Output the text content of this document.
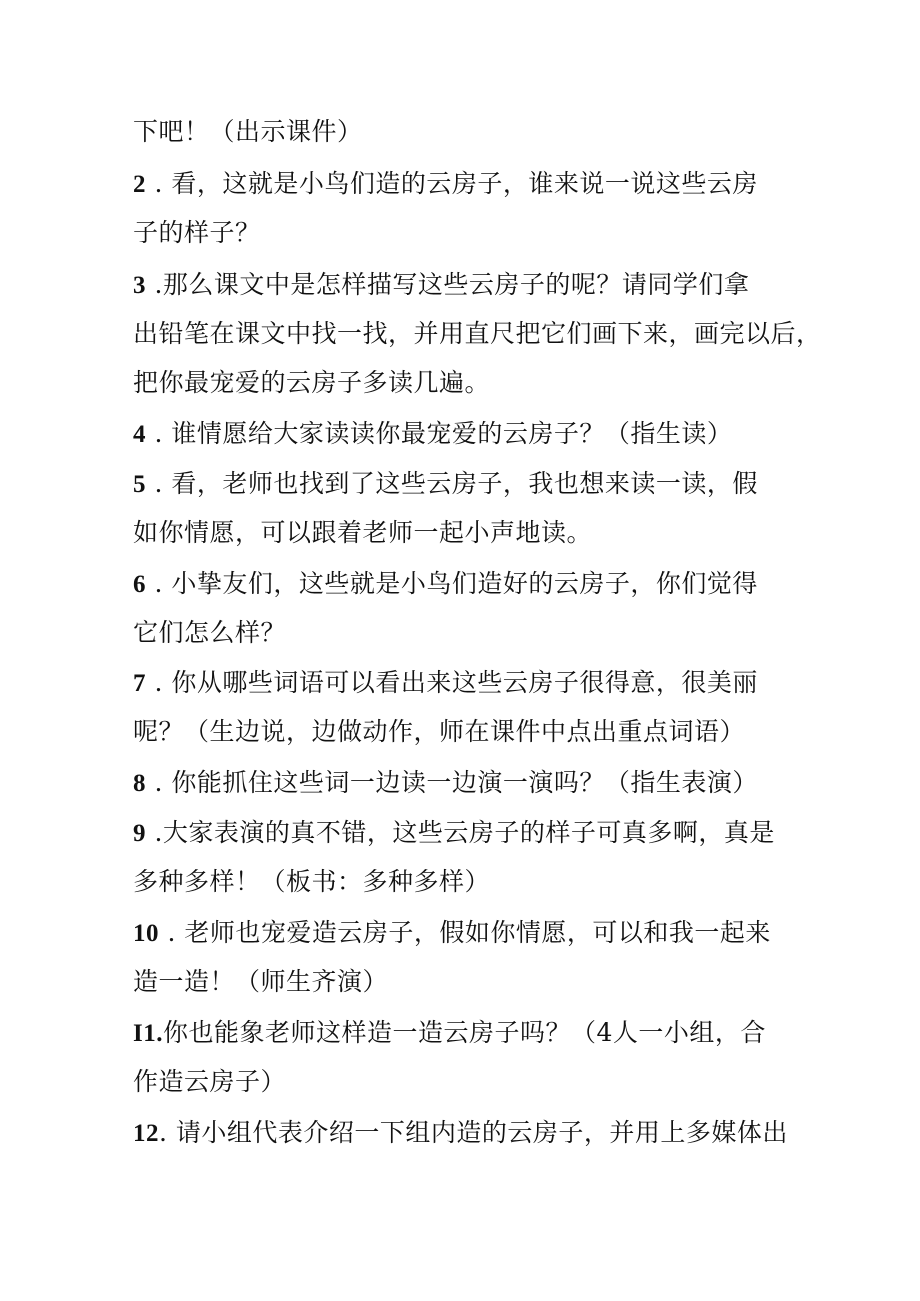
下吧！（出示课件）
2 . 看，这就是小鸟们造的云房子，谁来说一说这些云房
子的样子？
3 .那么课文中是怎样描写这些云房子的呢？请同学们拿
出铅笔在课文中找一找，并用直尺把它们画下来，画完以后，
把你最宠爱的云房子多读几遍。
4 . 谁情愿给大家读读你最宠爱的云房子？（指生读）
5 . 看，老师也找到了这些云房子，我也想来读一读，假
如你情愿，可以跟着老师一起小声地读。
6 . 小挚友们，这些就是小鸟们造好的云房子，你们觉得
它们怎么样？
7 . 你从哪些词语可以看出来这些云房子很得意，很美丽
呢？（生边说，边做动作，师在课件中点出重点词语）
8 . 你能抓住这些词一边读一边演一演吗？（指生表演）
9 .大家表演的真不错，这些云房子的样子可真多啊，真是
多种多样！（板书：多种多样）
10 . 老师也宠爱造云房子，假如你情愿，可以和我一起来
造一造！（师生齐演）
I1.你也能象老师这样造一造云房子吗？（4人一小组，合
作造云房子）
12. 请小组代表介绍一下组内造的云房子，并用上多媒体出
